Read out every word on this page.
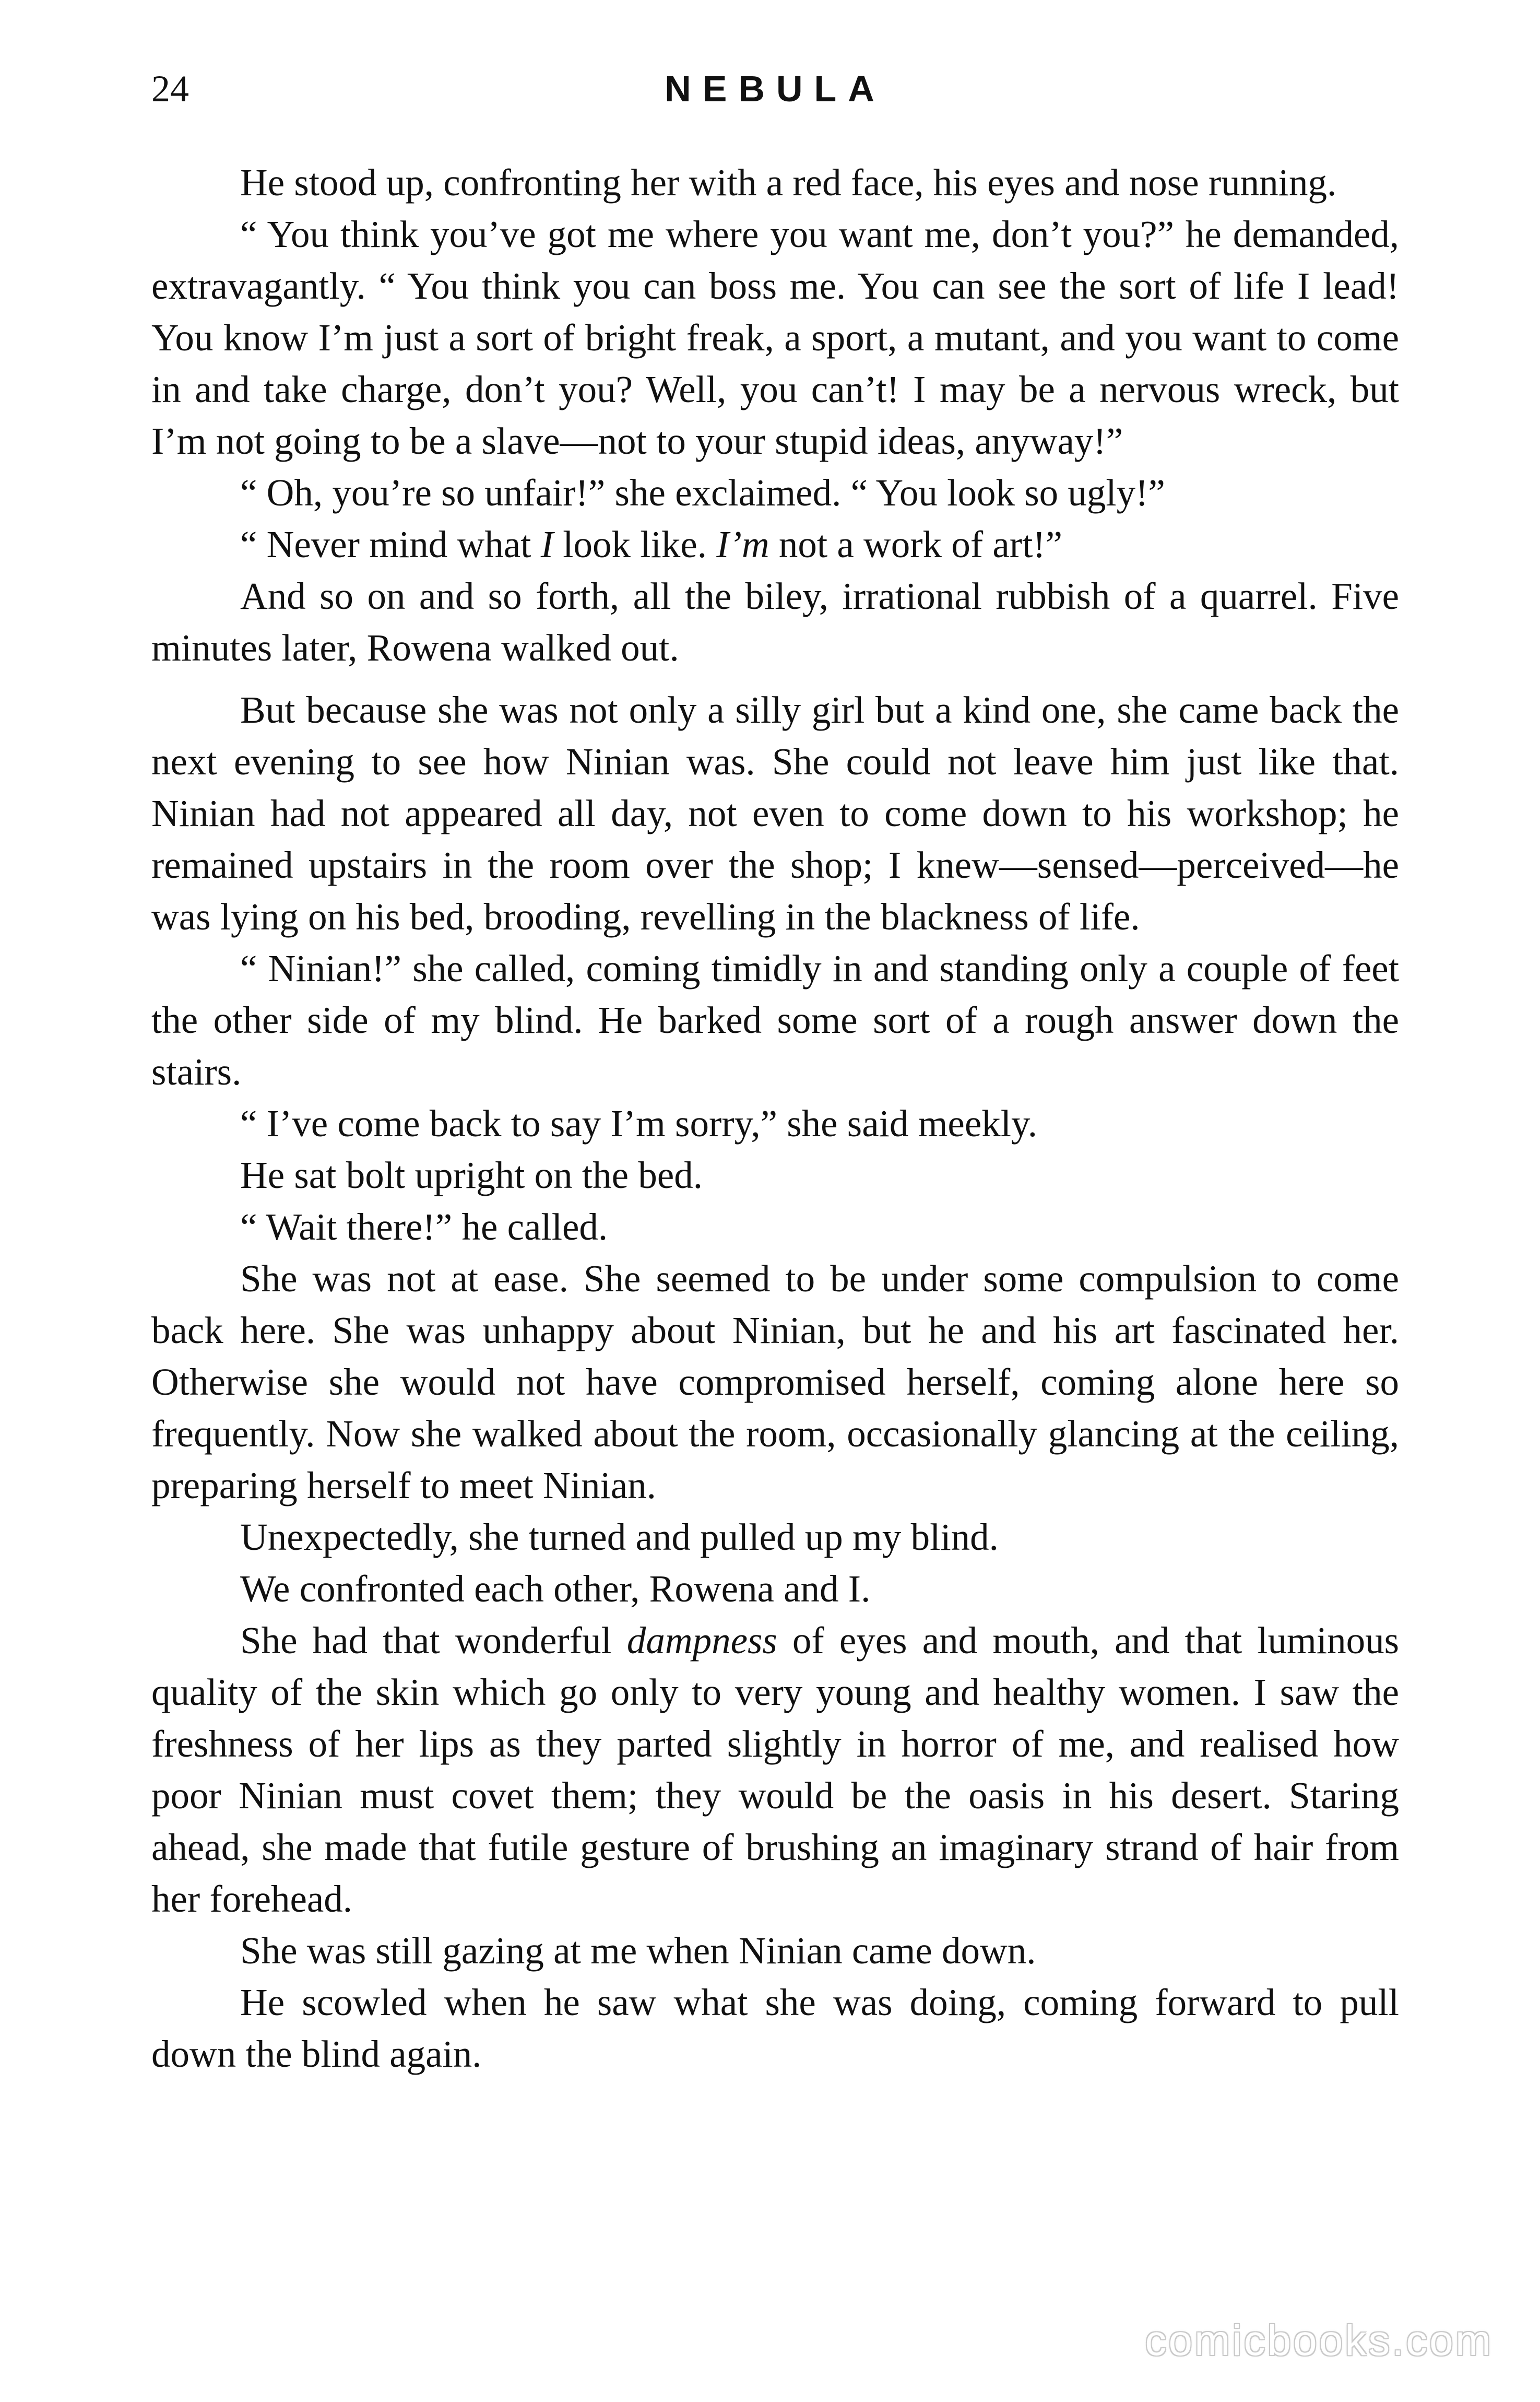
24	NEBULA

He stood up, confronting her with a red face, his eyes and nose running.

“ You think you’ve got me where you want me, don’t you?” he demanded, extravagantly. “ You think you can boss me. You can see the sort of life I lead! You know I’m just a sort of bright freak, a sport, a mutant, and you want to come in and take charge, don’t you? Well, you can’t! I may be a nervous wreck, but I’m not going to be a slave—not to your stupid ideas, anyway!”

“ Oh, you’re so unfair!” she exclaimed. “ You look so ugly!”

“ Never mind what I look like. I’m not a work of art!”

And so on and so forth, all the biley, irrational rubbish of a quarrel. Five minutes later, Rowena walked out.

But because she was not only a silly girl but a kind one, she came back the next evening to see how Ninian was. She could not leave him just like that. Ninian had not appeared all day, not even to come down to his workshop; he remained upstairs in the room over the shop; I knew—sensed—perceived—he was lying on his bed, brooding, revelling in the blackness of life.

“ Ninian!” she called, coming timidly in and standing only a couple of feet the other side of my blind. He barked some sort of a rough answer down the stairs.

“ I’ve come back to say I’m sorry,” she said meekly.

He sat bolt upright on the bed.

“ Wait there!” he called.

She was not at ease. She seemed to be under some compulsion to come back here. She was unhappy about Ninian, but he and his art fascinated her. Otherwise she would not have compromised herself, coming alone here so frequently. Now she walked about the room, occasionally glancing at the ceiling, preparing herself to meet Ninian.

Unexpectedly, she turned and pulled up my blind.

We confronted each other, Rowena and I.

She had that wonderful dampness of eyes and mouth, and that luminous quality of the skin which go only to very young and healthy women. I saw the freshness of her lips as they parted slightly in horror of me, and realised how poor Ninian must covet them; they would be the oasis in his desert. Staring ahead, she made that futile gesture of brushing an imaginary strand of hair from her forehead.

She was still gazing at me when Ninian came down.

He scowled when he saw what she was doing, coming forward to pull down the blind again.

comicbooks.com
